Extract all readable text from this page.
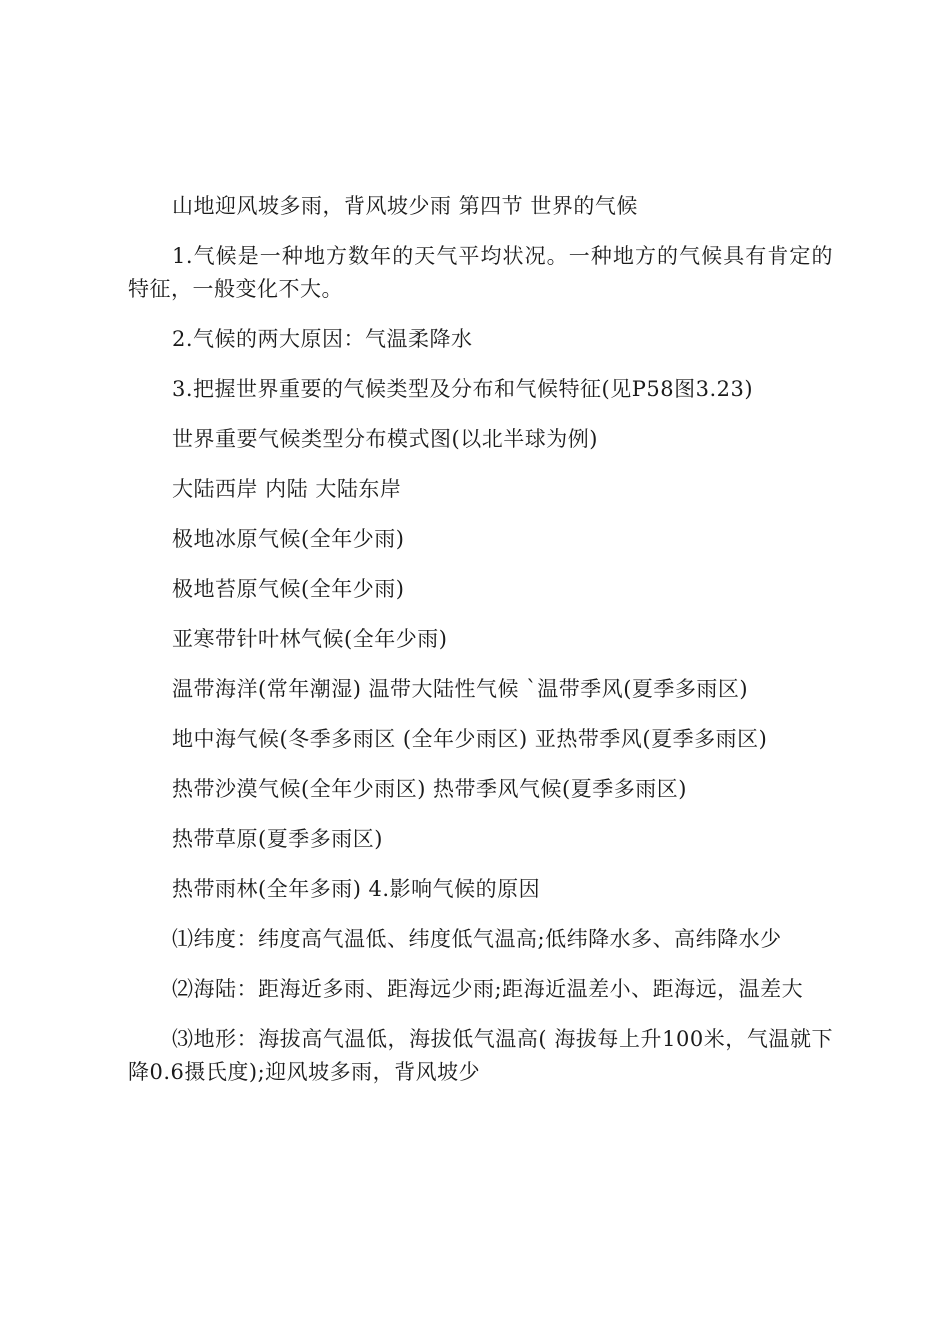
山地迎风坡多雨，背风坡少雨 第四节 世界的气候

1.气候是一种地方数年的天气平均状况。一种地方的气候具有肯定的特征，一般变化不大。

2.气候的两大原因：气温柔降水

3.把握世界重要的气候类型及分布和气候特征(见P58图3.23)

世界重要气候类型分布模式图(以北半球为例)

大陆西岸 内陆 大陆东岸

极地冰原气候(全年少雨)

极地苔原气候(全年少雨)

亚寒带针叶林气候(全年少雨)

温带海洋(常年潮湿) 温带大陆性气候 `温带季风(夏季多雨区)

地中海气候(冬季多雨区 (全年少雨区) 亚热带季风(夏季多雨区)

热带沙漠气候(全年少雨区) 热带季风气候(夏季多雨区)

热带草原(夏季多雨区)

热带雨林(全年多雨) 4.影响气候的原因

⑴纬度：纬度高气温低、纬度低气温高;低纬降水多、高纬降水少

⑵海陆：距海近多雨、距海远少雨;距海近温差小、距海远，温差大

⑶地形：海拔高气温低，海拔低气温高( 海拔每上升100米，气温就下降0.6摄氏度);迎风坡多雨，背风坡少
